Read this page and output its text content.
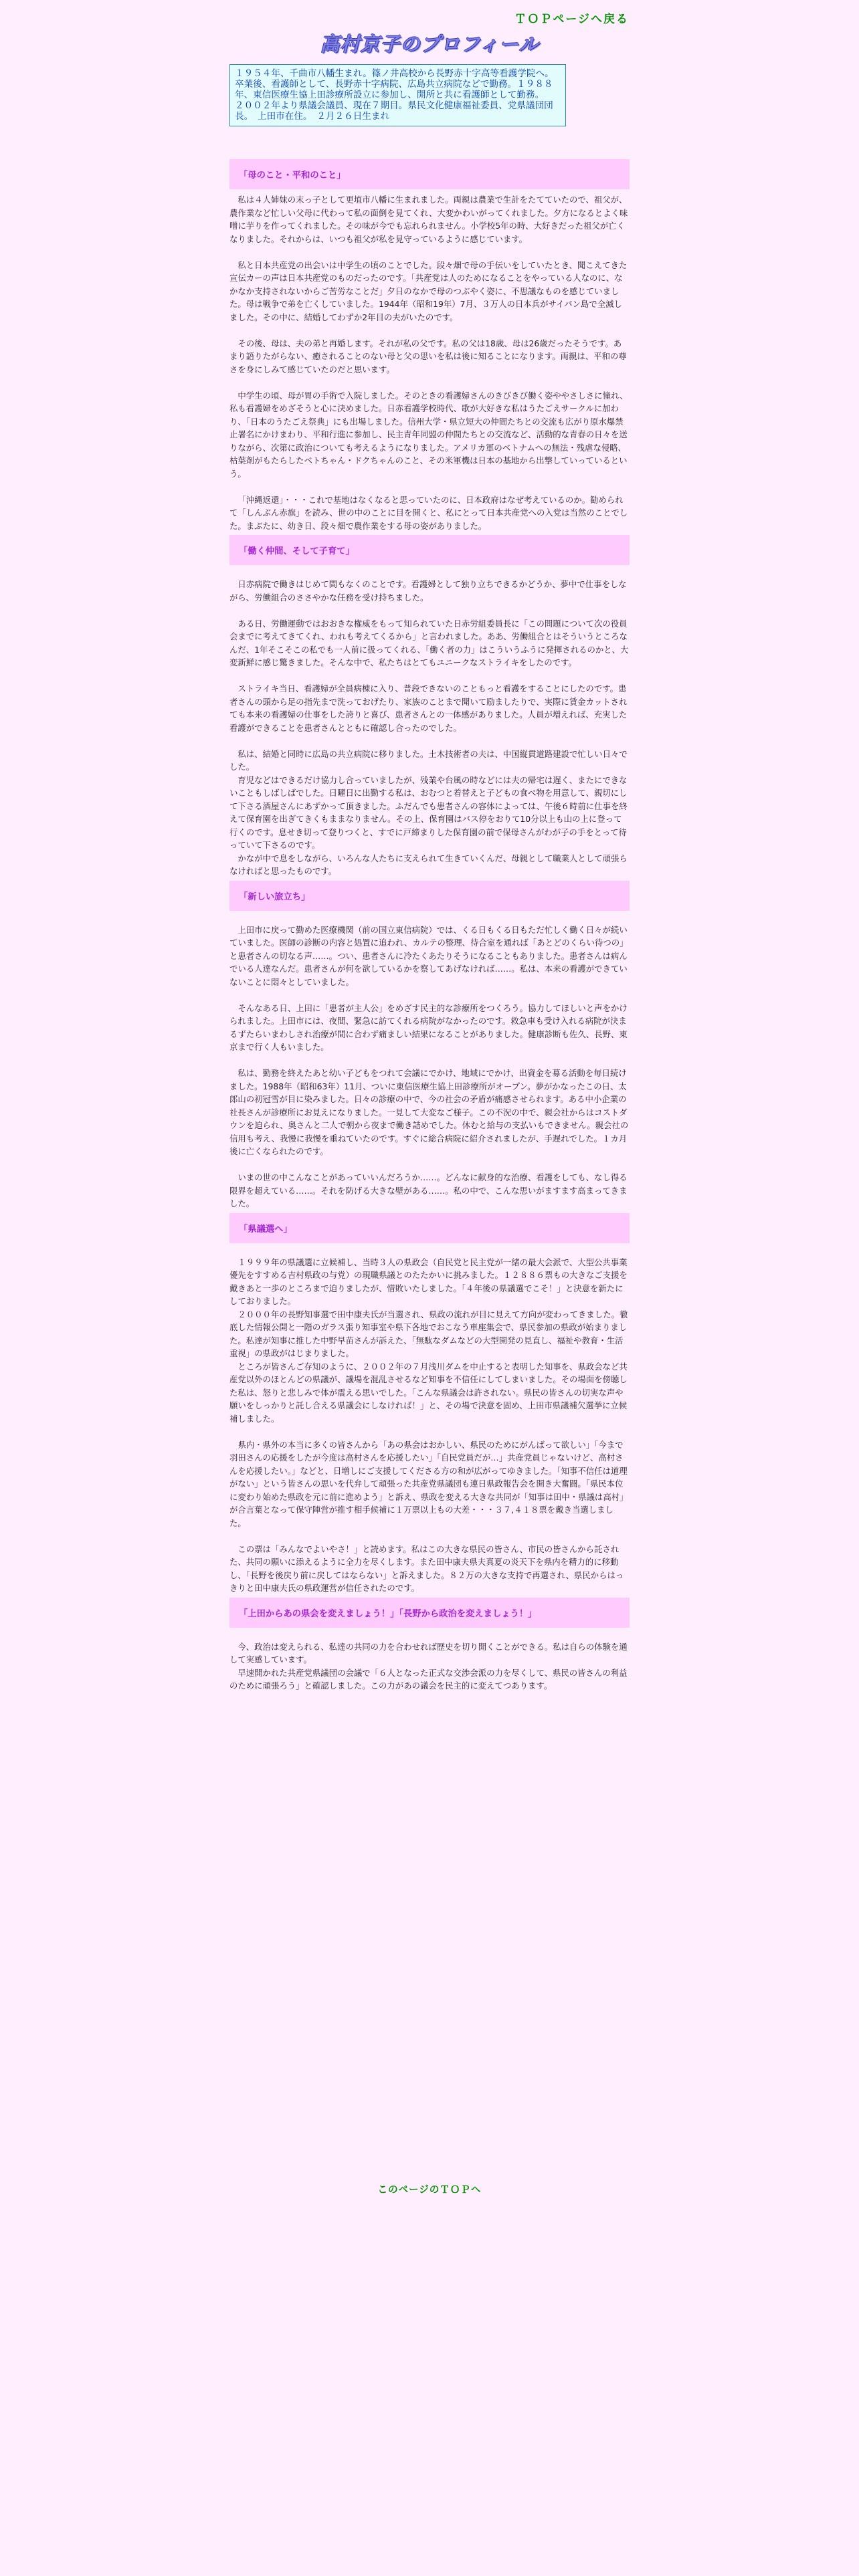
ＴＯＰページへ戻る
高村京子のプロフィール

１９５４年、千曲市八幡生まれ。篠ノ井高校から長野赤十字高等看護学院へ。卒業後、看護師として、長野赤十字病院、広島共立病院などで勤務。１９８８年、東信医療生協上田診療所設立に参加し、開所と共に看護師として勤務。

２００２年より県議会議員、現在７期目。県民文化健康福祉委員、党県議団団長。　上田市在住。　２月２６日生まれ

「母のこと・平和のこと」

私は４人姉妹の末っ子として更埴市八幡に生まれました。両親は農業で生計をたてていたので、祖父が、農作業など忙しい父母に代わって私の面倒を見てくれ、大変かわいがってくれました。夕方になるとよく味噌に芋りを作ってくれました。その味が今でも忘れられません。小学校5年の時、大好きだった祖父が亡くなりました。それからは、いつも祖父が私を見守っているように感じています。

私と日本共産党の出会いは中学生の頃のことでした。段々畑で母の手伝いをしていたとき、聞こえてきた宣伝カーの声は日本共産党のものだったのです。「共産党は人のためになることをやっている人なのに、なかなか支持されないからご苦労なことだ」夕日のなかで母のつぶやく姿に、不思議なものを感じていました。母は戦争で弟を亡くしていました。1944年（昭和19年）7月、３万人の日本兵がサイパン島で全滅しました。その中に、結婚してわずか2年目の夫がいたのです。

その後、母は、夫の弟と再婚します。それが私の父です。私の父は18歳、母は26歳だったそうです。あまり語りたがらない、癒されることのない母と父の思いを私は後に知ることになります。両親は、平和の尊さを身にしみて感じていたのだと思います。

中学生の頃、母が胃の手術で入院しました。そのときの看護婦さんのきびきび働く姿ややさしさに憧れ、私も看護婦をめざそうと心に決めました。日赤看護学校時代、歌が大好きな私はうたごえサークルに加わり、「日本のうたごえ祭典」にも出場しました。信州大学・県立短大の仲間たちとの交流も広がり原水爆禁止署名にかけまわり、平和行進に参加し、民主青年同盟の仲間たちとの交流など、活動的な青春の日々を送りながら、次第に政治についても考えるようになりました。アメリカ軍のベトナムへの無法・残虐な侵略、枯葉剤がもたらしたベトちゃん・ドクちゃんのこと、その米軍機は日本の基地から出撃していっているという。

「沖縄返還」・・・これで基地はなくなると思っていたのに、日本政府はなぜ考えているのか。勧められて「しんぶん赤旗」を読み、世の中のことに目を開くと、私にとって日本共産党への入党は当然のことでした。まぶたに、幼き日、段々畑で農作業をする母の姿がありました。

「働く仲間、そして子育て」

日赤病院で働きはじめて間もなくのことです。看護婦として独り立ちできるかどうか、夢中で仕事をしながら、労働組合のささやかな任務を受け持ちました。

ある日、労働運動ではおおきな権威をもって知られていた日赤労組委員長に「この問題について次の役員会までに考えてきてくれ、われも考えてくるから」と言われました。ああ、労働組合とはそういうところなんだ、1年そこそこの私でも一人前に扱ってくれる、「働く者の力」はこういうふうに発揮されるのかと、大変新鮮に感じ驚きました。そんな中で、私たちはとてもユニークなストライキをしたのです。

ストライキ当日、看護婦が全員病棟に入り、普段できないのこともっと看護をすることにしたのです。患者さんの頭から足の指先まで洗っておげたり、家族のことまで聞いて励ましたりで、実際に賃金カットされても本来の看護婦の仕事をした誇りと喜び、患者さんとの一体感がありました。人員が増えれば、充実した看護ができることを患者さんとともに確認し合ったのでした。

私は、結婚と同時に広島の共立病院に移りました。土木技術者の夫は、中国縦貫道路建設で忙しい日々でした。

育児などはできるだけ協力し合っていましたが、残業や台風の時などには夫の帰宅は遅く、またにできないこともしばしばでした。日曜日に出勤する私は、おむつと着替えと子どもの食べ物を用意して、親切にして下さる酒屋さんにあずかって頂きました。ふだんでも患者さんの容体によっては、午後６時前に仕事を終えて保育園を出ぎてきくもままなりません。その上、保育園はバス停をおりて10分以上も山の上に登って行くのです。息せき切って登りつくと、すでに戸締まりした保育園の前で保母さんがわが子の手をとって待っていて下さるのです。

かなが中で息をしながら、いろんな人たちに支えられて生きていくんだ、母親として職業人として頑張らなければと思ったものです。

「新しい旅立ち」

上田市に戻って勤めた医療機関（前の国立東信病院）では、くる日もくる日もただ忙しく働く日々が続いていました。医師の診断の内容と処置に追われ、カルテの整理、待合室を通れば「あとどのくらい待つの」と患者さんの切なる声……。つい、患者さんに冷たくあたりそうになることもありました。患者さんは病んでいる人達なんだ。患者さんが何を欲しているかを察してあげなければ……。私は、本来の看護ができていないことに悶々としていました。

そんなある日、上田に「患者が主人公」をめざす民主的な診療所をつくろう。協力してほしいと声をかけられました。上田市には、夜間、緊急に訪てくれる病院がなかったのです。救急車も受け入れる病院が決まるずたらいまわしされ治療が間に合わず痛ましい結果になることがありました。健康診断も佐久、長野、東京まで行く人もいました。

私は、勤務を終えたあと幼い子どもをつれて会議にでかけ、地域にでかけ、出資金を募る活動を毎日続けました。1988年（昭和63年）11月、ついに東信医療生協上田診療所がオープン。夢がかなったこの日、太郎山の初冠雪が目に染みました。日々の診療の中で、今の社会の矛盾が痛感させられます。ある中小企業の社長さんが診療所にお見えになりました。一見して大変なご様子。この不況の中で、親会社からはコストダウンを迫られ、奥さんと二人で朝から夜まで働き詰めでした。休むと給与の支払いもできません。親会社の信用も考え、我慢に我慢を重ねていたのです。すぐに総合病院に紹介されましたが、手遅れでした。１カ月後に亡くなられたのです。

いまの世の中こんなことがあっていいんだろうか……。どんなに献身的な治療、看護をしても、なし得る限界を超えている……。それを防げる大きな壁がある……。私の中で、こんな思いがますます高まってきました。

「県議選へ」

１９９９年の県議選に立候補し、当時３人の県政会（自民党と民主党が一緒の最大会派で、大型公共事業優先をすすめる吉村県政の与党）の現職県議とのたたかいに挑みました。１２８８６票もの大きなご支援を戴きあと一歩のところまで迫りましたが、惜敗いたしました。「４年後の県議選でこそ！」と決意を新たにしておりました。

２０００年の長野知事選で田中康夫氏が当選され、県政の流れが目に見えて方向が変わってきました。徹底した情報公開と一階のガラス張り知事室や県下各地でおこなう車座集会で、県民参加の県政が始まりました。私達が知事に推した中野早苗さんが訴えた、「無駄なダムなどの大型開発の見直し、福祉や教育・生活重視」の県政がはじまりました。

ところが皆さんご存知のように、２００２年の７月浅川ダムを中止すると表明した知事を、県政会など共産党以外のほとんどの県議が、議場を混乱させるなど知事を不信任にしてしまいました。その場面を傍聴した私は、怒りと悲しみで体が震える思いでした。「こんな県議会は許されない。県民の皆さんの切実な声や願いをしっかりと託し合える県議会にしなければ！」と、その場で決意を固め、上田市県議補欠選挙に立候補しました。

県内・県外の本当に多くの皆さんから「あの県会はおかしい、県民のためにがんばって欲しい」「今まで羽田さんの応援をしたが今度は高村さんを応援したい」「自民党員だが…」共産党員じゃないけど、高村さんを応援したい。」などと、日増しにご支援してくださる方の和が広がってゆきました。「知事不信任は道理がない」という皆さんの思いを代弁して頑張った共産党県議団も連日県政報告会を開き大奮闘。「県民本位に変わり始めた県政を元に前に進めよう」と訴え、県政を変える大きな共同が「知事は田中・県議は高村」が合言葉となって保守陣営が推す相手候補に１万票以上もの大差・・・３７,４１８票を戴き当選しました。

この票は「みんなでよいやさ！」と読めます。私はこの大きな県民の皆さん、市民の皆さんから託された、共同の願いに添えるように全力を尽くします。また田中康夫県夫真夏の炎天下を県内を精力的に移動し、「長野を後戻り前に戻してはならない」と訴えました。８２万の大きな支持で再選され、県民からはっきりと田中康夫氏の県政運営が信任されたのです。

「上田からあの県会を変えましょう！」「長野から政治を変えましょう！」

今、政治は変えられる、私達の共同の力を合わせれば歴史を切り開くことができる。私は自らの体験を通して実感しています。

早速開かれた共産党県議団の会議で「６人となった正式な交渉会派の力を尽くして、県民の皆さんの利益のために頑張ろう」と確認しました。この力があの議会を民主的に変えてつあります。

このページのＴＯＰへ
